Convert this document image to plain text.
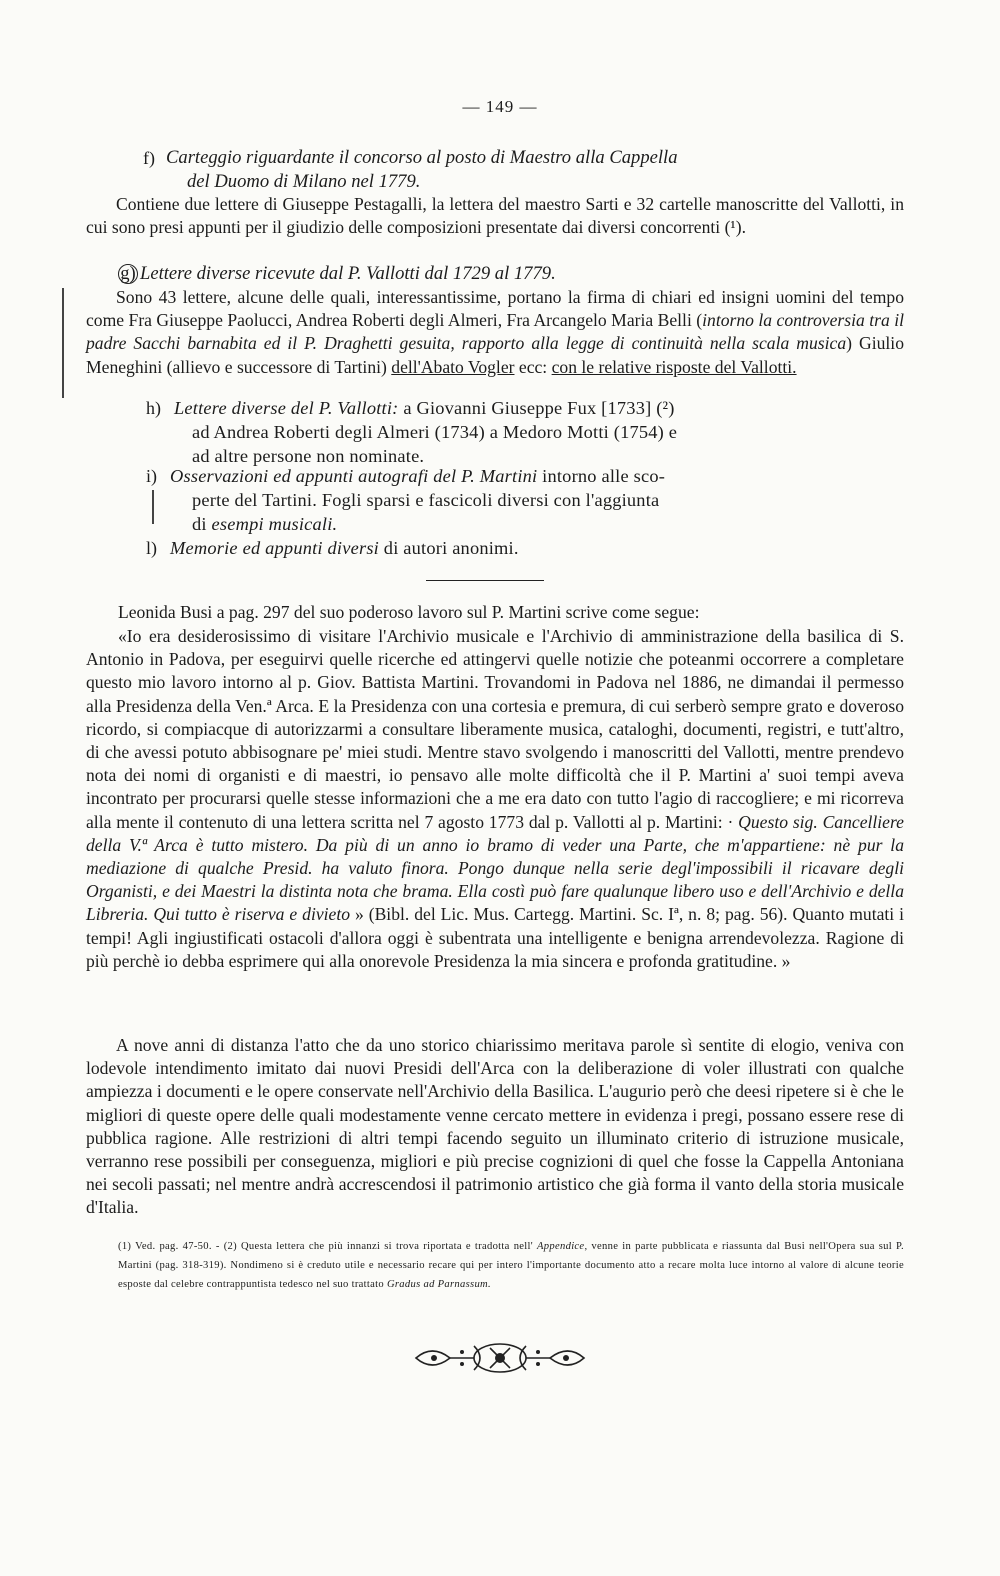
— 149 —
f) Carteggio riguardante il concorso al posto di Maestro alla Cappella
del Duomo di Milano nel 1779.
Contiene due lettere di Giuseppe Pestagalli, la lettera del maestro Sarti e 32 cartelle manoscritte del Vallotti, in cui sono presi appunti per il giudizio delle composizioni presentate dai diversi concorrenti (¹).
g) Lettere diverse ricevute dal P. Vallotti dal 1729 al 1779.
Sono 43 lettere, alcune delle quali, interessantissime, portano la firma di chiari ed insigni uomini del tempo come Fra Giuseppe Paolucci, Andrea Roberti degli Almeri, Fra Arcangelo Maria Belli (intorno la controversia tra il padre Sacchi barnabita ed il P. Draghetti gesuita, rapporto alla legge di continuità nella scala musica) Giulio Meneghini (allievo e successore di Tartini) dell'Abato Vogler ecc: con le relative risposte del Vallotti.
h) Lettere diverse del P. Vallotti: a Giovanni Giuseppe Fux [1733] (²)
ad Andrea Roberti degli Almeri (1734) a Medoro Motti (1754) e
ad altre persone non nominate.
i) Osservazioni ed appunti autografi del P. Martini intorno alle sco-
perte del Tartini. Fogli sparsi e fascicoli diversi con l'aggiunta
di esempi musicali.
l) Memorie ed appunti diversi di autori anonimi.
Leonida Busi a pag. 297 del suo poderoso lavoro sul P. Martini scrive come segue:
«Io era desiderosissimo di visitare l'Archivio musicale e l'Archivio di amministrazione della basilica di S. Antonio in Padova, per eseguirvi quelle ricerche ed attingervi quelle notizie che poteanmi occorrere a completare questo mio lavoro intorno al p. Giov. Battista Martini. Trovandomi in Padova nel 1886, ne dimandai il permesso alla Presidenza della Ven.ª Arca. E la Presidenza con una cortesia e premura, di cui serberò sempre grato e doveroso ricordo, si compiacque di autorizzarmi a consultare liberamente musica, cataloghi, documenti, registri, e tutt'altro, di che avessi potuto abbisognare pe' miei studi. Mentre stavo svolgendo i manoscritti del Vallotti, mentre prendevo nota dei nomi di organisti e di maestri, io pensavo alle molte difficoltà che il P. Martini a' suoi tempi aveva incontrato per procurarsi quelle stesse informazioni che a me era dato con tutto l'agio di raccogliere; e mi ricorreva alla mente il contenuto di una lettera scritta nel 7 agosto 1773 dal p. Vallotti al p. Martini: · Questo sig. Cancelliere della V.ª Arca è tutto mistero. Da più di un anno io bramo di veder una Parte, che m'appartiene: nè pur la mediazione di qualche Presid. ha valuto finora. Pongo dunque nella serie degl'impossibili il ricavare degli Organisti, e dei Maestri la distinta nota che brama. Ella costì può fare qualunque libero uso e dell'Archivio e della Libreria. Qui tutto è riserva e divieto » (Bibl. del Lic. Mus. Cartegg. Martini. Sc. Iª, n. 8; pag. 56). Quanto mutati i tempi! Agli ingiustificati ostacoli d'allora oggi è subentrata una intelligente e benigna arrendevolezza. Ragione di più perchè io debba esprimere qui alla onorevole Presidenza la mia sincera e profonda gratitudine. »
A nove anni di distanza l'atto che da uno storico chiarissimo meritava parole sì sentite di elogio, veniva con lodevole intendimento imitato dai nuovi Presidi dell'Arca con la deliberazione di voler illustrati con qualche ampiezza i documenti e le opere conservate nell'Archivio della Basilica. L'augurio però che deesi ripetere si è che le migliori di queste opere delle quali modestamente venne cercato mettere in evidenza i pregi, possano essere rese di pubblica ragione. Alle restrizioni di altri tempi facendo seguito un illuminato criterio di istruzione musicale, verranno rese possibili per conseguenza, migliori e più precise cognizioni di quel che fosse la Cappella Antoniana nei secoli passati; nel mentre andrà accrescendosi il patrimonio artistico che già forma il vanto della storia musicale d'Italia.
(1) Ved. pag. 47-50. - (2) Questa lettera che più innanzi si trova riportata e tradotta nell' Appendice, venne in parte pubblicata e riassunta dal Busi nell'Opera sua sul P. Martini (pag. 318-319). Nondimeno si è creduto utile e necessario recare qui per intero l'importante documento atto a recare molta luce intorno al valore di alcune teorie esposte dal celebre contrappuntista tedesco nel suo trattato Gradus ad Parnassum.
